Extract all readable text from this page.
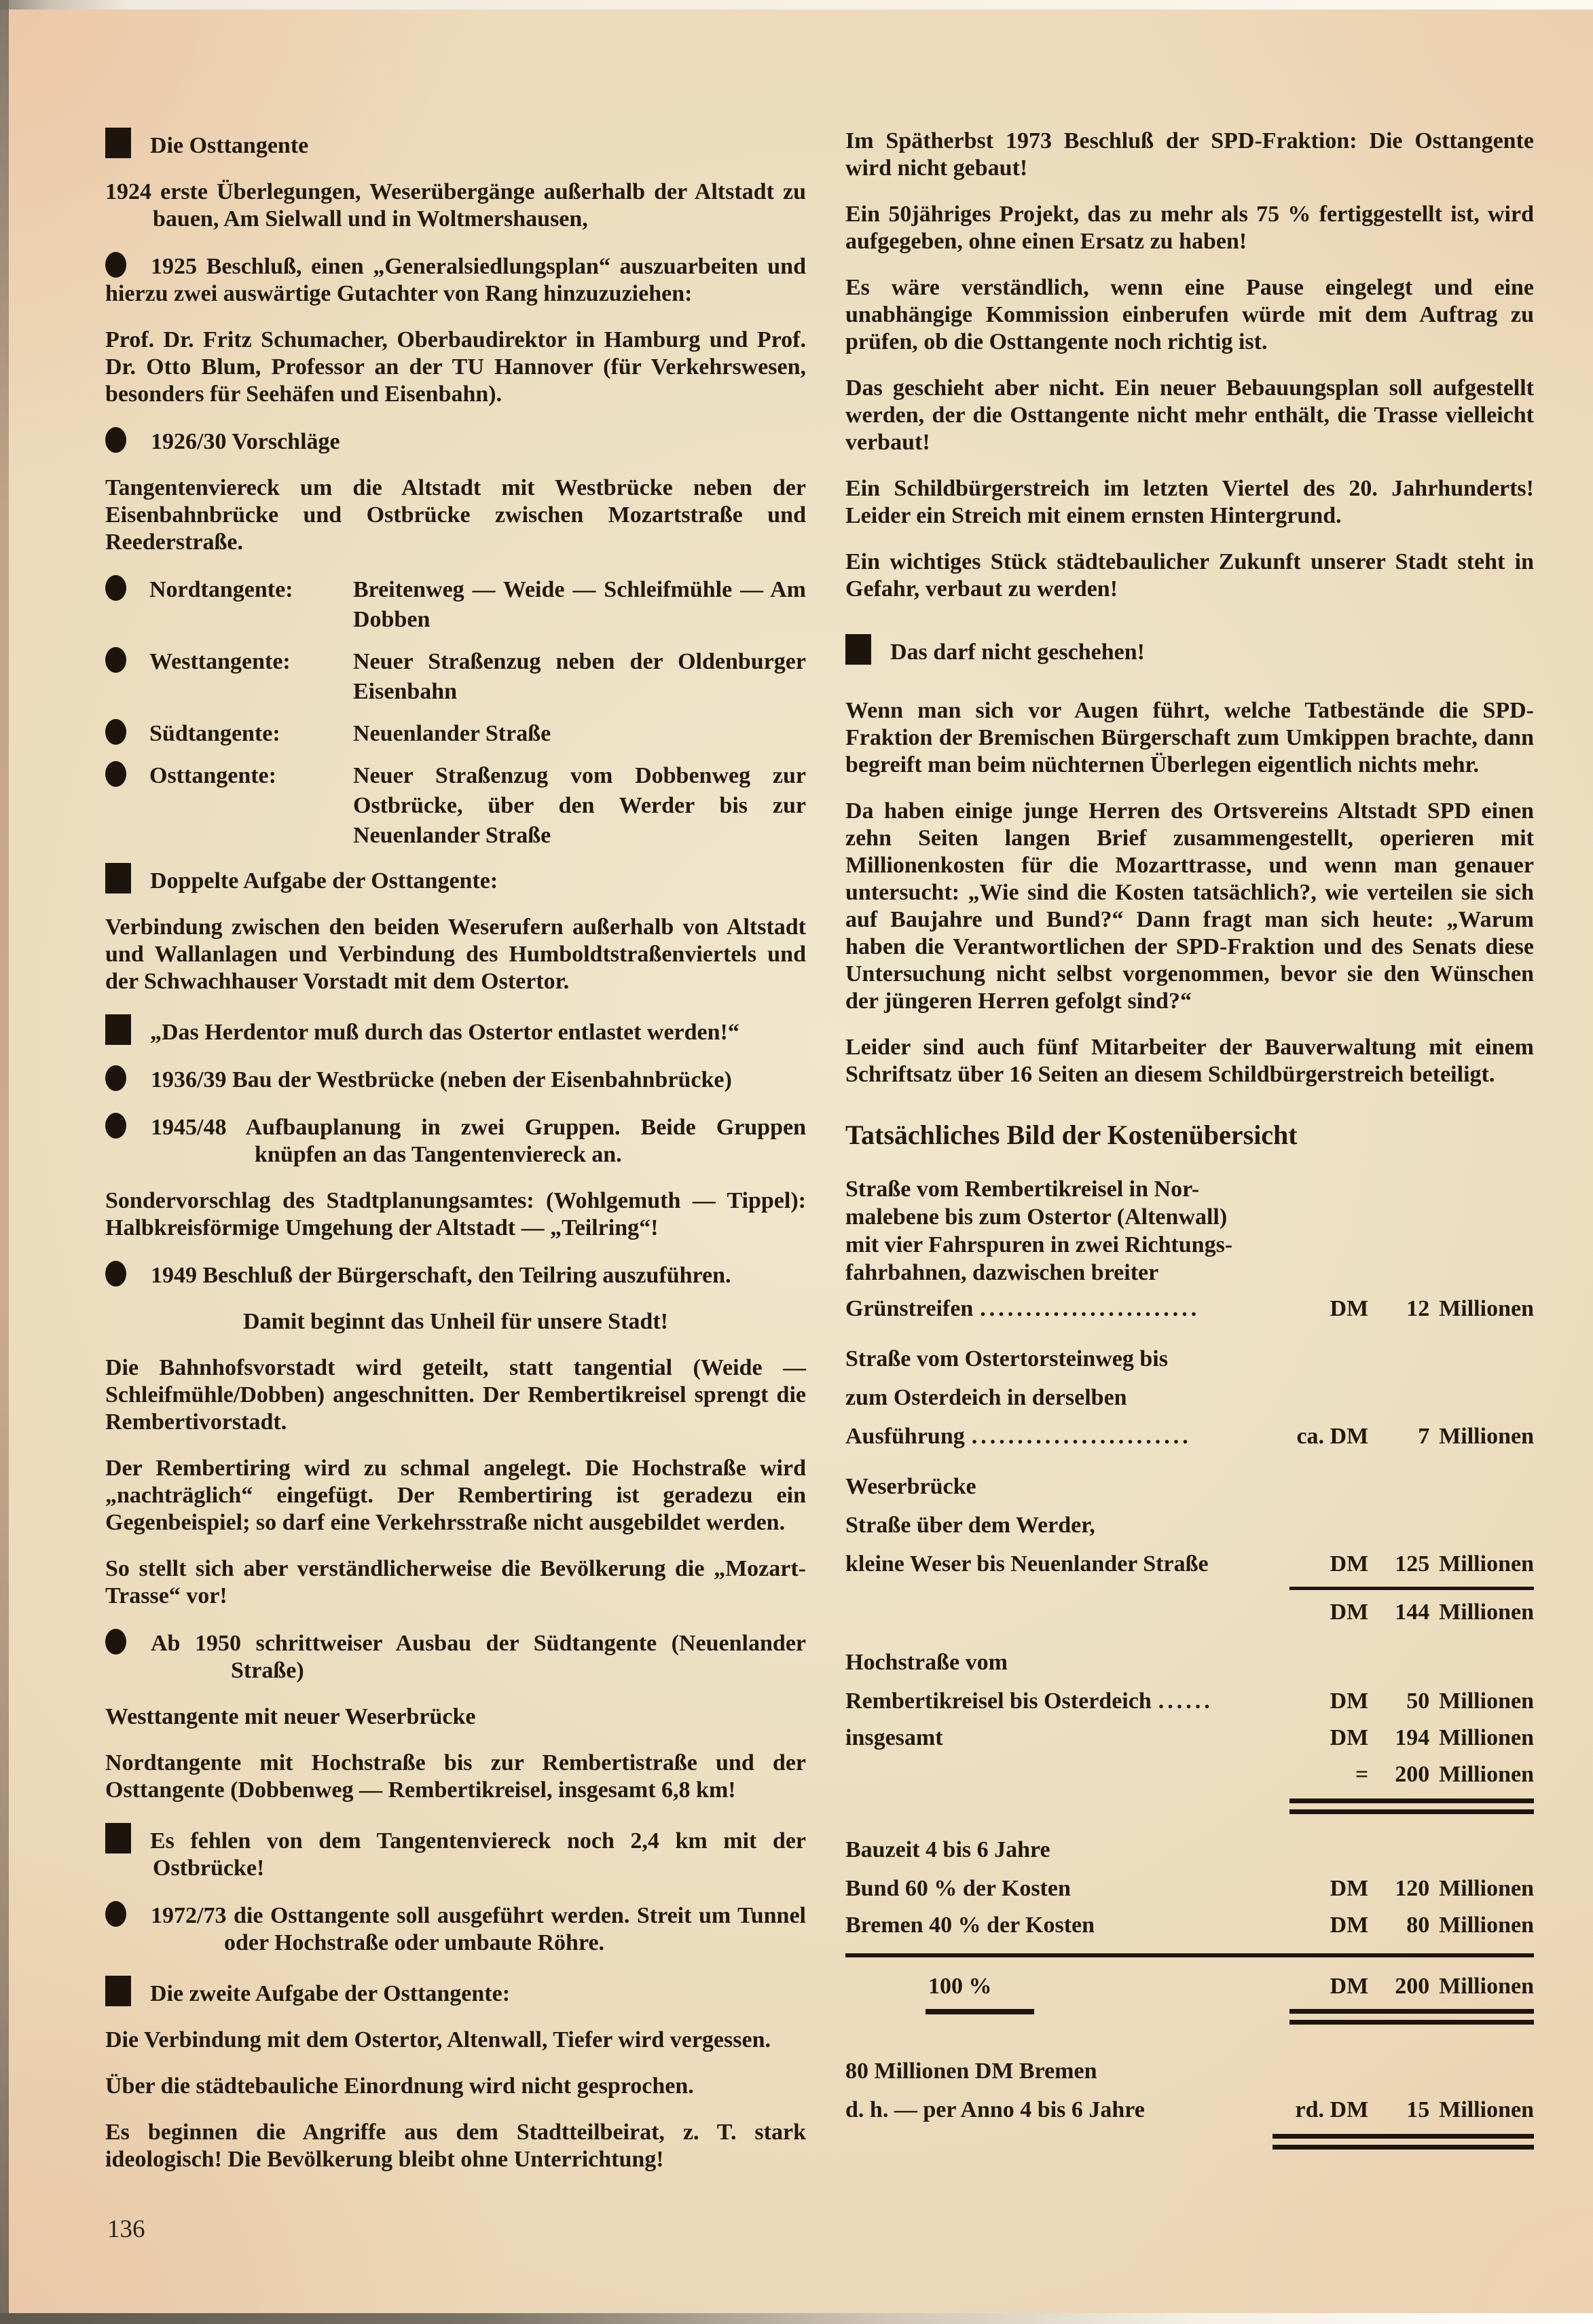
Die Osttangente
1924 erste Überlegungen, Weserübergänge außerhalb der Altstadt zu bauen, Am Sielwall und in Woltmershausen,
1925 Beschluß, einen „Generalsiedlungsplan“ auszuarbeiten und hierzu zwei auswärtige Gutachter von Rang hinzuzuziehen:
Prof. Dr. Fritz Schumacher, Oberbaudirektor in Hamburg und Prof. Dr. Otto Blum, Professor an der TU Hannover (für Verkehrswesen, besonders für Seehäfen und Eisenbahn).
1926/30 Vorschläge
Tangentenviereck um die Altstadt mit Westbrücke neben der Eisenbahnbrücke und Ostbrücke zwischen Mozartstraße und Reederstraße.
Nordtangente:	Breitenweg — Weide — Schleifmühle — Am Dobben
Westtangente:	Neuer Straßenzug neben der Oldenburger Eisenbahn
Südtangente:	Neuenlander Straße
Osttangente:	Neuer Straßenzug vom Dobbenweg zur Ostbrücke, über den Werder bis zur Neuenlander Straße
Doppelte Aufgabe der Osttangente:
Verbindung zwischen den beiden Weserufern außerhalb von Altstadt und Wallanlagen und Verbindung des Humboldtstraßenviertels und der Schwachhauser Vorstadt mit dem Ostertor.
„Das Herdentor muß durch das Ostertor entlastet werden!“
1936/39 Bau der Westbrücke (neben der Eisenbahnbrücke)
1945/48 Aufbauplanung in zwei Gruppen. Beide Gruppen knüpfen an das Tangentenviereck an.
Sondervorschlag des Stadtplanungsamtes: (Wohlgemuth — Tippel): Halbkreisförmige Umgehung der Altstadt — „Teilring“!
1949 Beschluß der Bürgerschaft, den Teilring auszuführen.
Damit beginnt das Unheil für unsere Stadt!
Die Bahnhofsvorstadt wird geteilt, statt tangential (Weide — Schleifmühle/Dobben) angeschnitten. Der Rembertikreisel sprengt die Rembertivorstadt.
Der Rembertiring wird zu schmal angelegt. Die Hochstraße wird „nachträglich“ eingefügt. Der Rembertiring ist geradezu ein Gegenbeispiel; so darf eine Verkehrsstraße nicht ausgebildet werden.
So stellt sich aber verständlicherweise die Bevölkerung die „Mozart-Trasse“ vor!
Ab 1950 schrittweiser Ausbau der Südtangente (Neuenlander Straße)
Westtangente mit neuer Weserbrücke
Nordtangente mit Hochstraße bis zur Rembertistraße und der Osttangente (Dobbenweg — Rembertikreisel, insgesamt 6,8 km!
Es fehlen von dem Tangentenviereck noch 2,4 km mit der Ostbrücke!
1972/73 die Osttangente soll ausgeführt werden. Streit um Tunnel oder Hochstraße oder umbaute Röhre.
Die zweite Aufgabe der Osttangente:
Die Verbindung mit dem Ostertor, Altenwall, Tiefer wird vergessen.
Über die städtebauliche Einordnung wird nicht gesprochen.
Es beginnen die Angriffe aus dem Stadtteilbeirat, z. T. stark ideologisch! Die Bevölkerung bleibt ohne Unterrichtung!
Im Spätherbst 1973 Beschluß der SPD-Fraktion: Die Osttangente wird nicht gebaut!
Ein 50jähriges Projekt, das zu mehr als 75 % fertiggestellt ist, wird aufgegeben, ohne einen Ersatz zu haben!
Es wäre verständlich, wenn eine Pause eingelegt und eine unabhängige Kommission einberufen würde mit dem Auftrag zu prüfen, ob die Osttangente noch richtig ist.
Das geschieht aber nicht. Ein neuer Bebauungsplan soll aufgestellt werden, der die Osttangente nicht mehr enthält, die Trasse vielleicht verbaut!
Ein Schildbürgerstreich im letzten Viertel des 20. Jahrhunderts! Leider ein Streich mit einem ernsten Hintergrund.
Ein wichtiges Stück städtebaulicher Zukunft unserer Stadt steht in Gefahr, verbaut zu werden!
Das darf nicht geschehen!
Wenn man sich vor Augen führt, welche Tatbestände die SPD-Fraktion der Bremischen Bürgerschaft zum Umkippen brachte, dann begreift man beim nüchternen Überlegen eigentlich nichts mehr.
Da haben einige junge Herren des Ortsvereins Altstadt SPD einen zehn Seiten langen Brief zusammengestellt, operieren mit Millionenkosten für die Mozarttrasse, und wenn man genauer untersucht: „Wie sind die Kosten tatsächlich?, wie verteilen sie sich auf Baujahre und Bund?“ Dann fragt man sich heute: „Warum haben die Verantwortlichen der SPD-Fraktion und des Senats diese Untersuchung nicht selbst vorgenommen, bevor sie den Wünschen der jüngeren Herren gefolgt sind?“
Leider sind auch fünf Mitarbeiter der Bauverwaltung mit einem Schriftsatz über 16 Seiten an diesem Schildbürgerstreich beteiligt.
Tatsächliches Bild der Kostenübersicht
Straße vom Rembertikreisel in Nor-
malebene bis zum Ostertor (Altenwall)
mit vier Fahrspuren in zwei Richtungs-
fahrbahnen, dazwischen breiter
Grünstreifen ........................	DM	12 Millionen
Straße vom Ostertorsteinweg bis
zum Osterdeich in derselben
Ausführung ........................	ca. DM	7 Millionen
Weserbrücke
Straße über dem Werder,
kleine Weser bis Neuenlander Straße	DM	125 Millionen
DM	144 Millionen
Hochstraße vom
Rembertikreisel bis Osterdeich ......	DM	50 Millionen
insgesamt	DM	194 Millionen
=	200 Millionen
Bauzeit 4 bis 6 Jahre
Bund 60 % der Kosten	DM	120 Millionen
Bremen 40 % der Kosten	DM	80 Millionen
100 %	DM	200 Millionen
80 Millionen DM Bremen
d. h. — per Anno 4 bis 6 Jahre	rd. DM	15 Millionen
136
